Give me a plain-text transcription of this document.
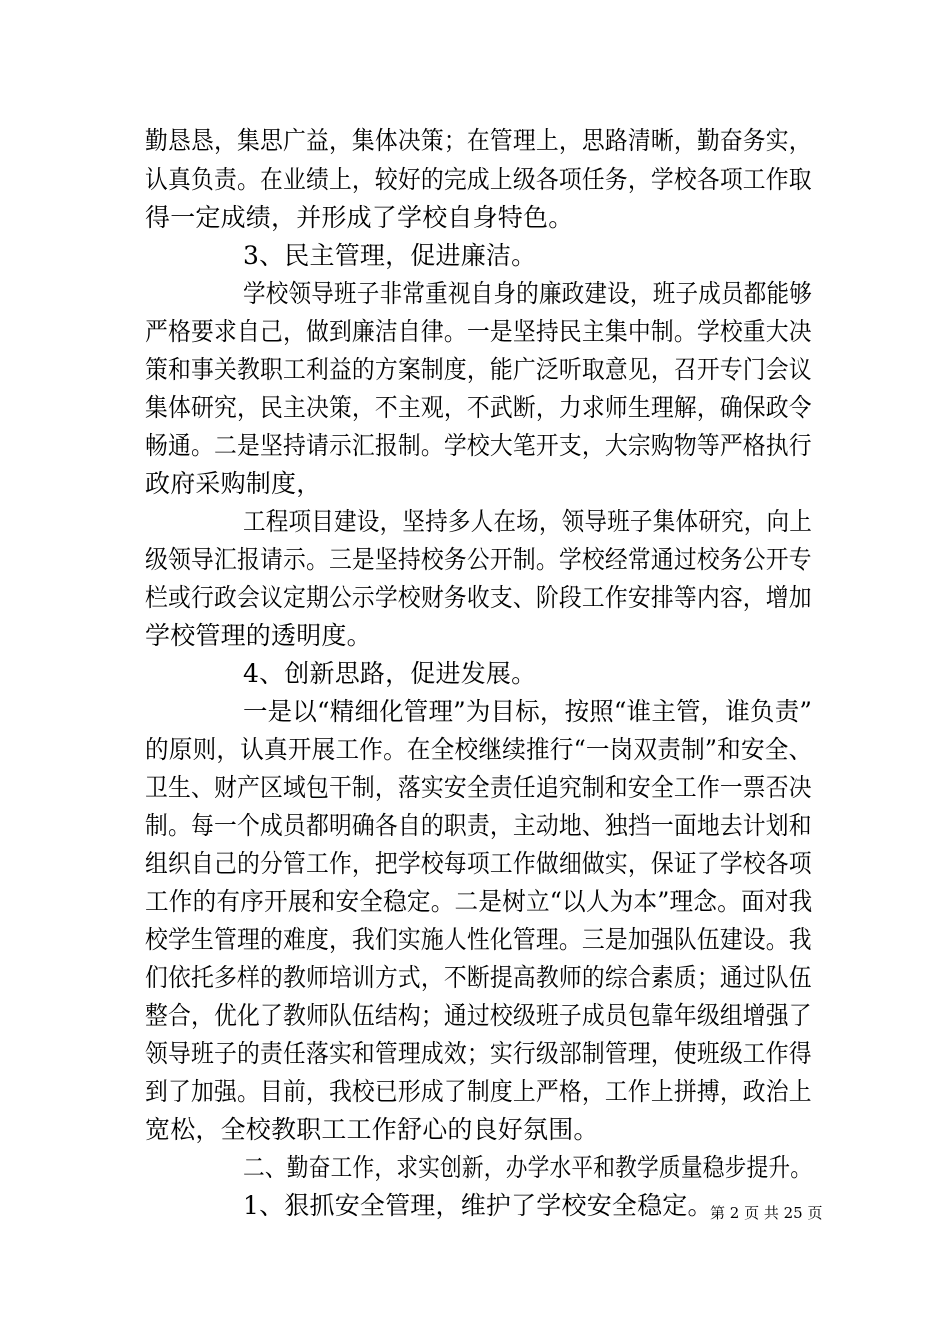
勤恳恳，集思广益，集体决策；在管理上，思路清晰，勤奋务实，
认真负责。在业绩上，较好的完成上级各项任务，学校各项工作取
得一定成绩，并形成了学校自身特色。
3、民主管理，促进廉洁。
学校领导班子非常重视自身的廉政建设，班子成员都能够
严格要求自己，做到廉洁自律。一是坚持民主集中制。学校重大决
策和事关教职工利益的方案制度，能广泛听取意见，召开专门会议
集体研究，民主决策，不主观，不武断，力求师生理解，确保政令
畅通。二是坚持请示汇报制。学校大笔开支，大宗购物等严格执行
政府采购制度，
工程项目建设，坚持多人在场，领导班子集体研究，向上
级领导汇报请示。三是坚持校务公开制。学校经常通过校务公开专
栏或行政会议定期公示学校财务收支、阶段工作安排等内容，增加
学校管理的透明度。
4、创新思路，促进发展。
一是以“精细化管理”为目标，按照“谁主管，谁负责”
的原则，认真开展工作。在全校继续推行“一岗双责制”和安全、
卫生、财产区域包干制，落实安全责任追究制和安全工作一票否决
制。每一个成员都明确各自的职责，主动地、独挡一面地去计划和
组织自己的分管工作，把学校每项工作做细做实，保证了学校各项
工作的有序开展和安全稳定。二是树立“以人为本”理念。面对我
校学生管理的难度，我们实施人性化管理。三是加强队伍建设。我
们依托多样的教师培训方式，不断提高教师的综合素质；通过队伍
整合，优化了教师队伍结构；通过校级班子成员包靠年级组增强了
领导班子的责任落实和管理成效；实行级部制管理，使班级工作得
到了加强。目前，我校已形成了制度上严格，工作上拼搏，政治上
宽松，全校教职工工作舒心的良好氛围。
二、勤奋工作，求实创新，办学水平和教学质量稳步提升。
1、狠抓安全管理，维护了学校安全稳定。
第 2 页 共 25 页
